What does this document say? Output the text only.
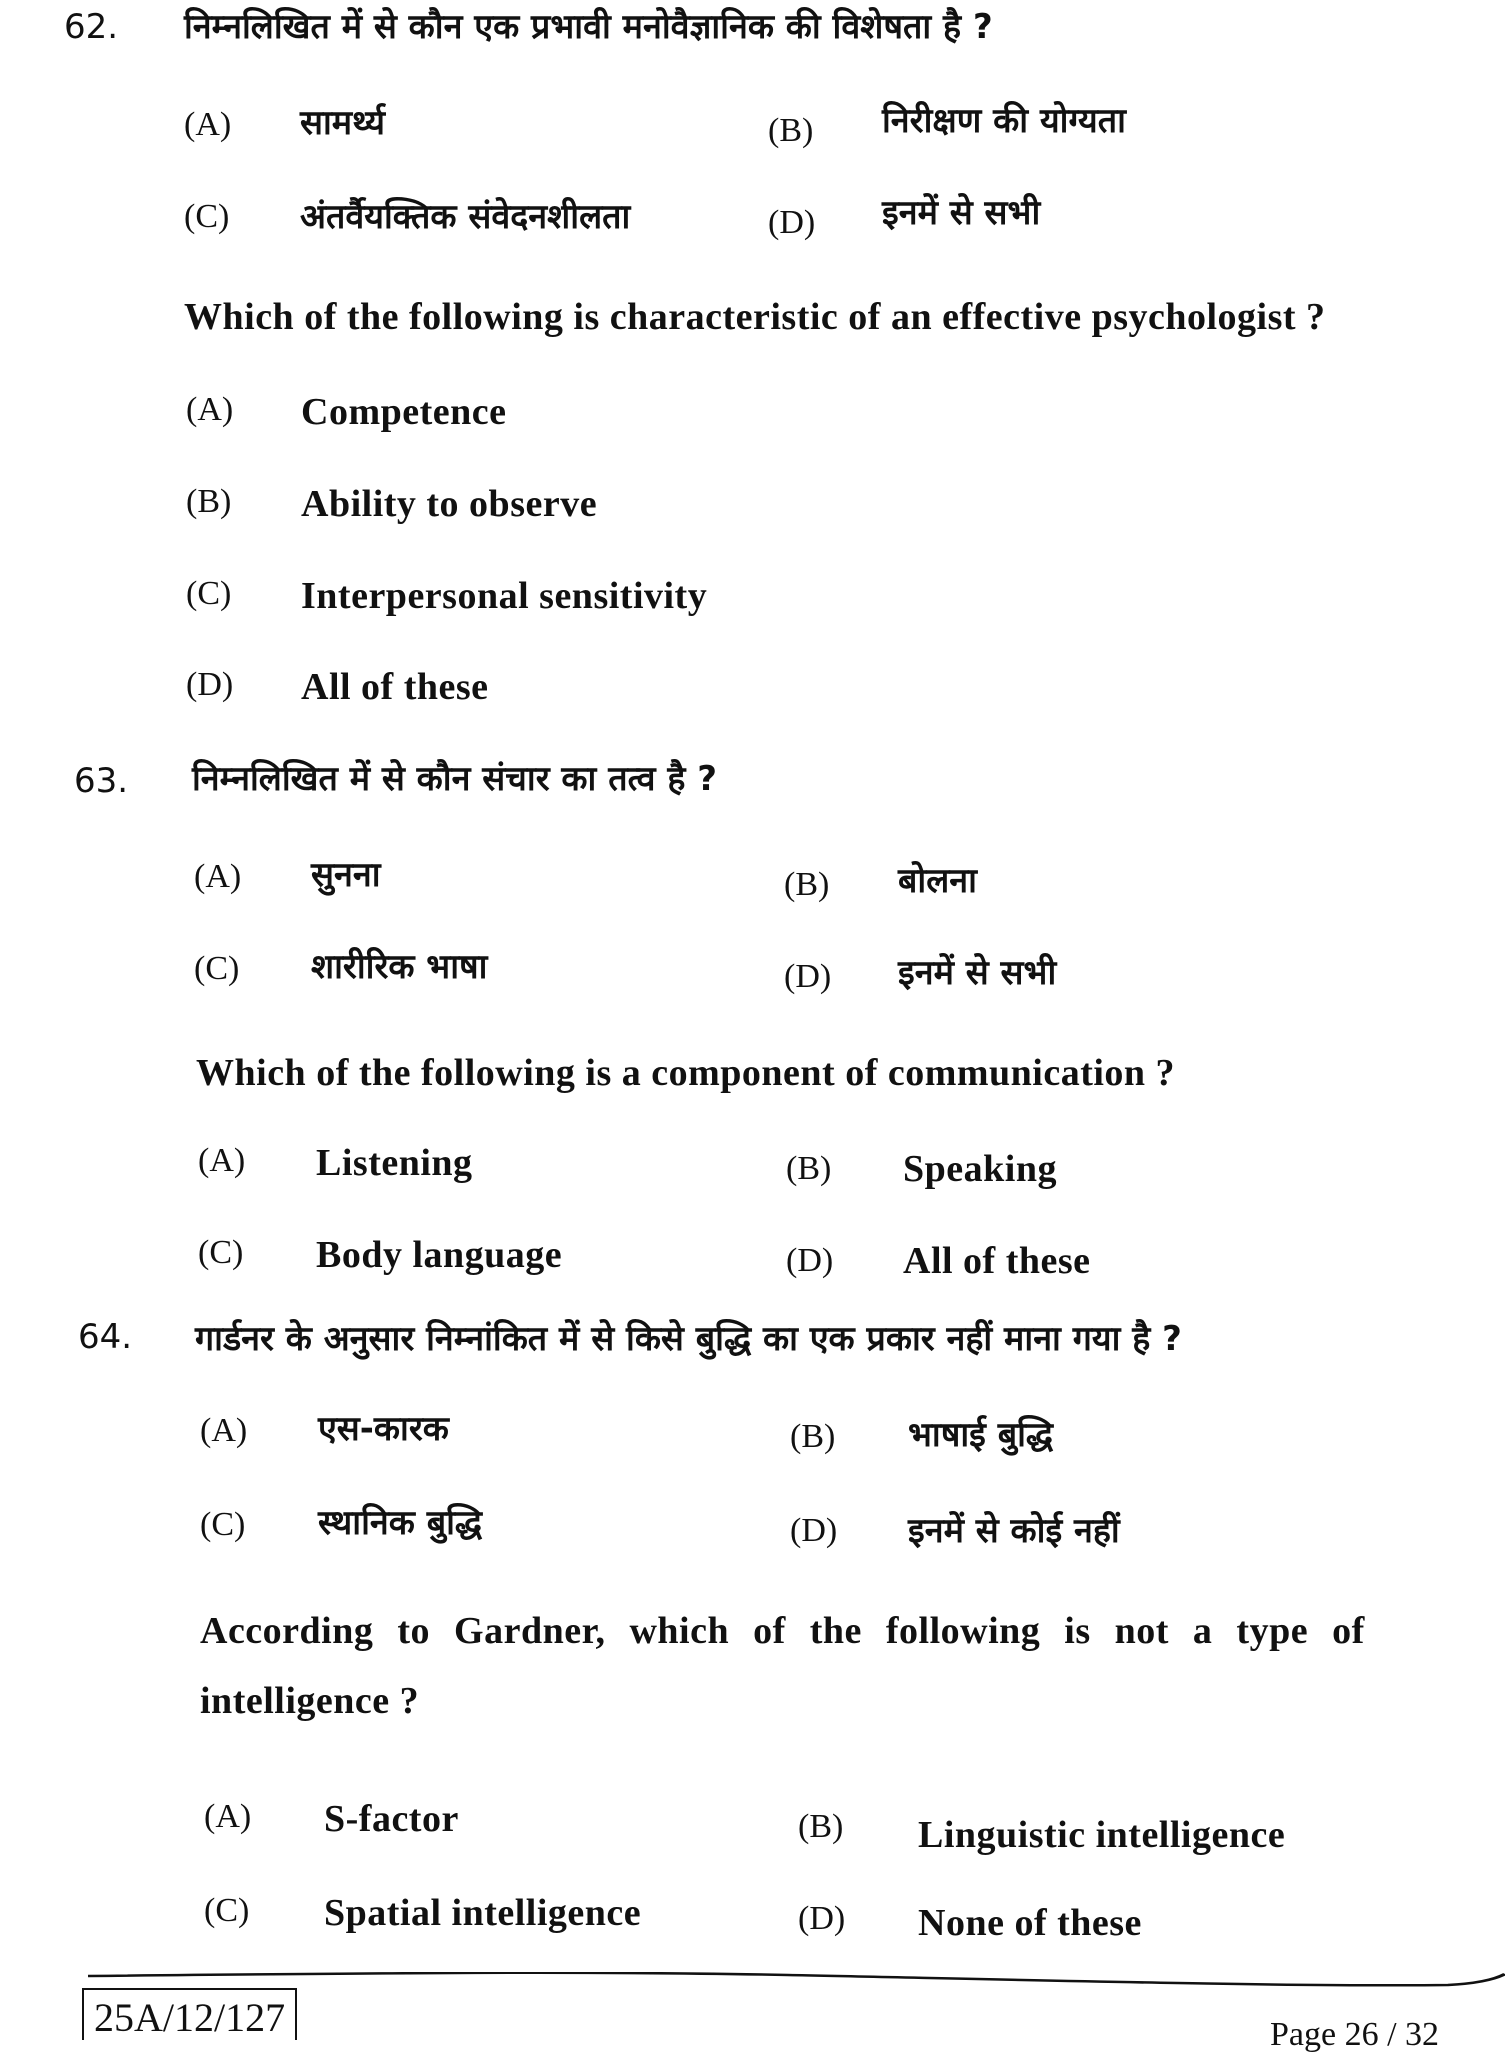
62. निम्नलिखित में से कौन एक प्रभावी मनोवैज्ञानिक की विशेषता है ?
(A) सामर्थ्य	(B) निरीक्षण की योग्यता
(C) अंतर्वैयक्तिक संवेदनशीलता	(D) इनमें से सभी
Which of the following is characteristic of an effective psychologist ?
(A) Competence
(B) Ability to observe
(C) Interpersonal sensitivity
(D) All of these
63. निम्नलिखित में से कौन संचार का तत्व है ?
(A) सुनना	(B) बोलना
(C) शारीरिक भाषा	(D) इनमें से सभी
Which of the following is a component of communication ?
(A) Listening	(B) Speaking
(C) Body language	(D) All of these
64. गार्डनर के अनुसार निम्नांकित में से किसे बुद्धि का एक प्रकार नहीं माना गया है ?
(A) एस-कारक	(B) भाषाई बुद्धि
(C) स्थानिक बुद्धि	(D) इनमें से कोई नहीं
According to Gardner, which of the following is not a type of
intelligence ?
(A) S-factor	(B) Linguistic intelligence
(C) Spatial intelligence	(D) None of these
25A/12/127	Page 26 / 32
